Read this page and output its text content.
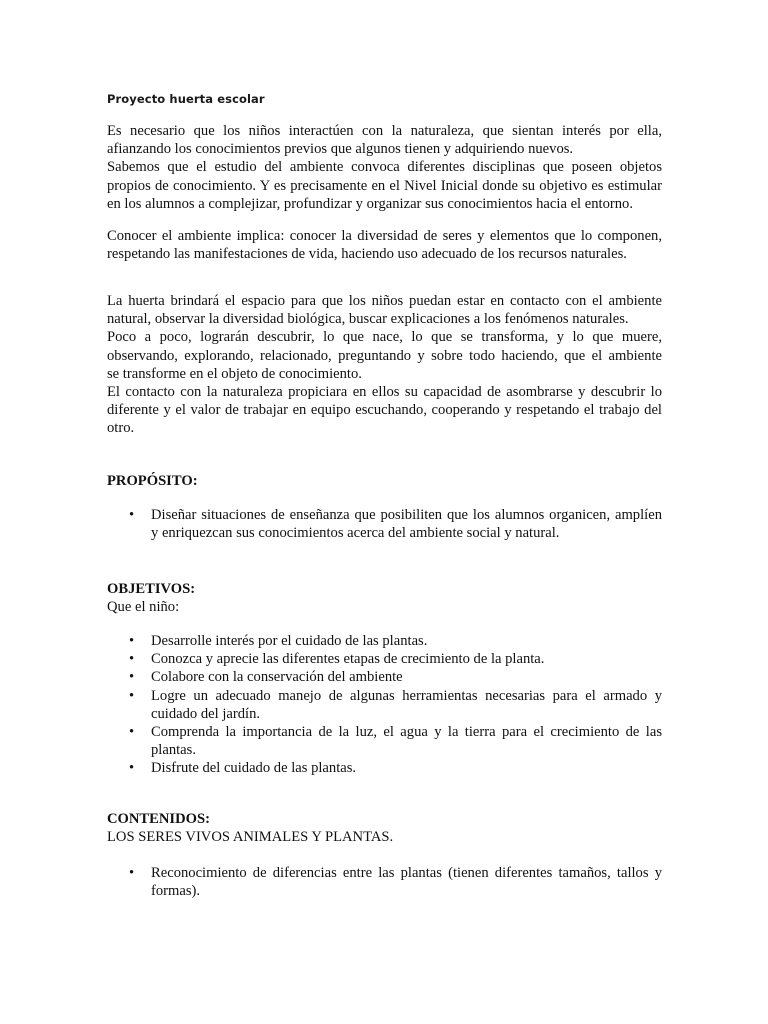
Proyecto huerta escolar

Es necesario que los niños interactúen con la naturaleza, que sientan interés por ella,
afianzando los conocimientos previos que algunos tienen y adquiriendo nuevos.
Sabemos que el estudio del ambiente convoca diferentes disciplinas que poseen objetos
propios de conocimiento. Y es precisamente en el Nivel Inicial donde su objetivo es estimular
en los alumnos a complejizar, profundizar y organizar sus conocimientos hacia el entorno.

Conocer el ambiente implica: conocer la diversidad de seres y elementos que lo componen,
respetando las manifestaciones de vida, haciendo uso adecuado de los recursos naturales.

La huerta brindará el espacio para que los niños puedan estar en contacto con el ambiente
natural, observar la diversidad biológica, buscar explicaciones a los fenómenos naturales.
Poco a poco, lograrán descubrir, lo que nace, lo que se transforma, y lo que muere,
observando, explorando, relacionado, preguntando y sobre todo haciendo, que el ambiente
se transforme en el objeto de conocimiento.
El contacto con la naturaleza propiciara en ellos su capacidad de asombrarse y descubrir lo
diferente y el valor de trabajar en equipo escuchando, cooperando y respetando el trabajo del
otro.

PROPÓSITO:
• Diseñar situaciones de enseñanza que posibiliten que los alumnos organicen, amplíen
y enriquezcan sus conocimientos acerca del ambiente social y natural.
OBJETIVOS:

Que el niño:

• Desarrolle interés por el cuidado de las plantas.
• Conozca y aprecie las diferentes etapas de crecimiento de la planta.
• Colabore con la conservación del ambiente
• Logre un adecuado manejo de algunas herramientas necesarias para el armado y
cuidado del jardín.
• Comprenda la importancia de la luz, el agua y la tierra para el crecimiento de las
plantas.
• Disfrute del cuidado de las plantas.
CONTENIDOS:

LOS SERES VIVOS ANIMALES Y PLANTAS.

• Reconocimiento de diferencias entre las plantas (tienen diferentes tamaños, tallos y
formas).
